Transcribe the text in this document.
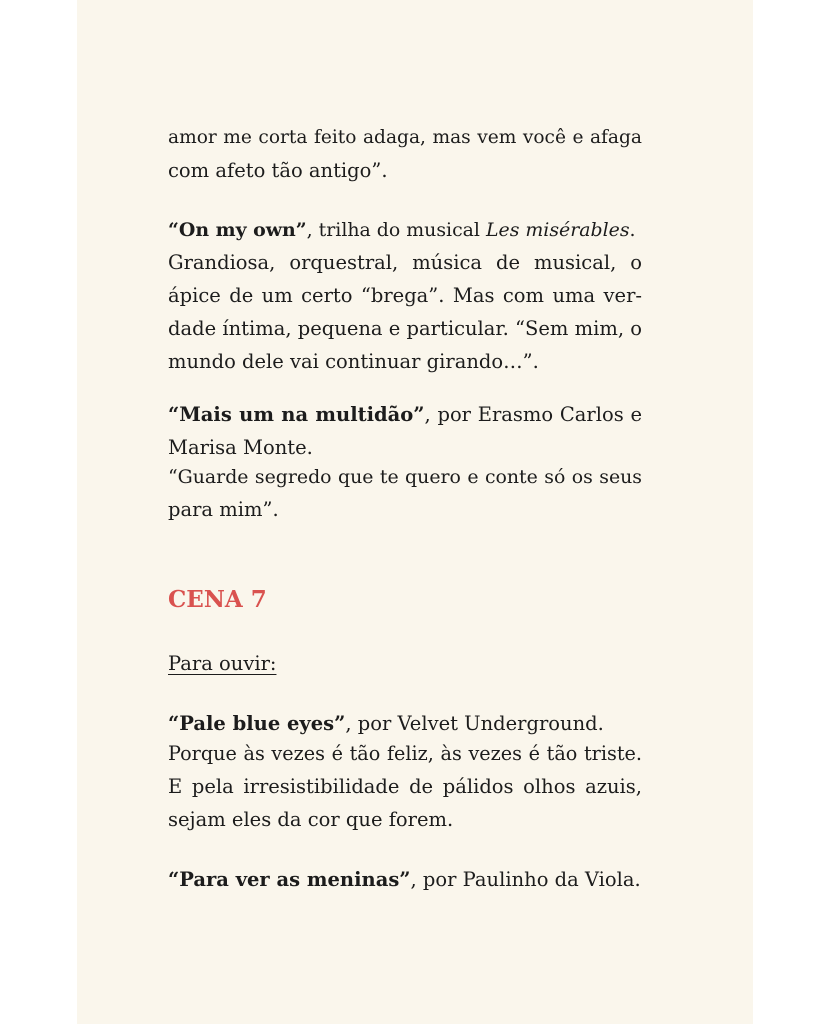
amor me corta feito adaga, mas vem você e afaga
com afeto tão antigo”.
“On my own”, trilha do musical Les misérables.
Grandiosa, orquestral, música de musical, o
ápice de um certo “brega”. Mas com uma ver-
dade íntima, pequena e particular. “Sem mim, o
mundo dele vai continuar girando…”.
“Mais um na multidão”, por Erasmo Carlos e
Marisa Monte.
“Guarde segredo que te quero e conte só os seus
para mim”.
CENA 7
Para ouvir:
“Pale blue eyes”, por Velvet Underground.
Porque às vezes é tão feliz, às vezes é tão triste.
E pela irresistibilidade de pálidos olhos azuis,
sejam eles da cor que forem.
“Para ver as meninas”, por Paulinho da Viola.
